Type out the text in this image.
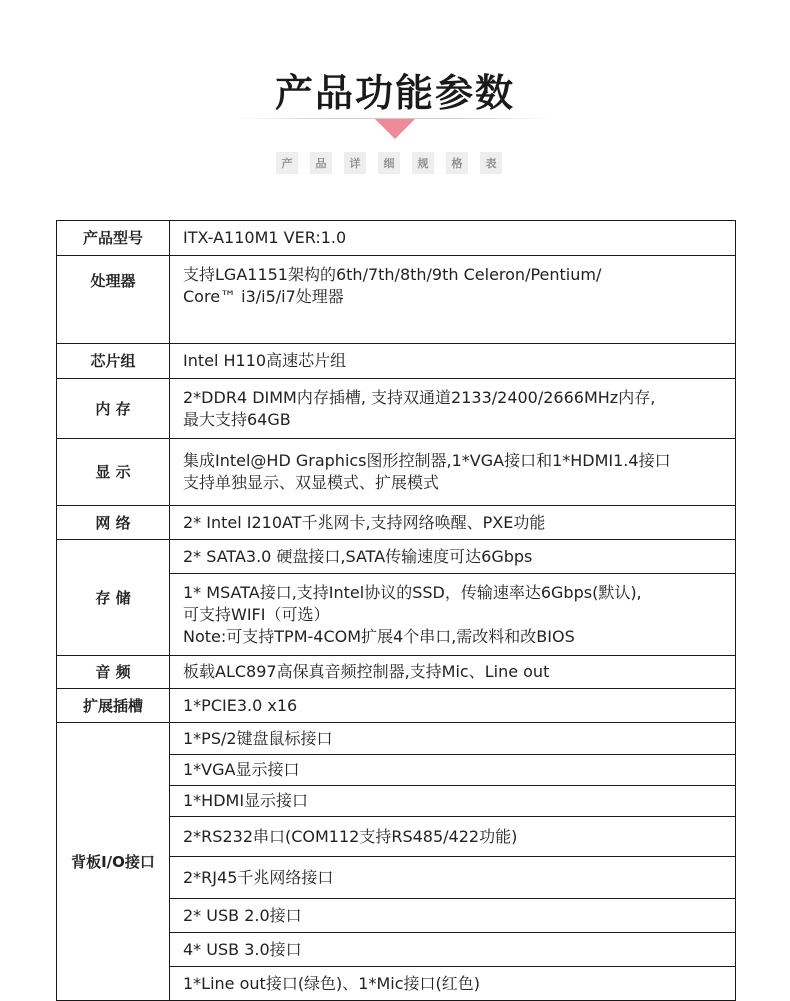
产品功能参数
产	品	详	细	规	格	表
产品型号	ITX-A110M1 VER:1.0
处理器	支持LGA1151架构的6th/7th/8th/9th Celeron/Pentium/
Core™ i3/i5/i7处理器
芯片组	Intel H110高速芯片组
内 存	2*DDR4 DIMM内存插槽, 支持双通道2133/2400/2666MHz内存,
最大支持64GB
显 示	集成Intel@HD Graphics图形控制器,1*VGA接口和1*HDMI1.4接口
支持单独显示、双显模式、扩展模式
网 络	2* Intel I210AT千兆网卡,支持网络唤醒、PXE功能
存 储	2* SATA3.0 硬盘接口,SATA传输速度可达6Gbps
	1* MSATA接口,支持Intel协议的SSD，传输速率达6Gbps(默认),
可支持WIFI（可选）
Note:可支持TPM-4COM扩展4个串口,需改料和改BIOS
音 频	板载ALC897高保真音频控制器,支持Mic、Line out
扩展插槽	1*PCIE3.0 x16
背板I/O接口	1*PS/2键盘鼠标接口
	1*VGA显示接口
	1*HDMI显示接口
	2*RS232串口(COM112支持RS485/422功能)
	2*RJ45千兆网络接口
	2* USB 2.0接口
	4* USB 3.0接口
	1*Line out接口(绿色)、1*Mic接口(红色)
